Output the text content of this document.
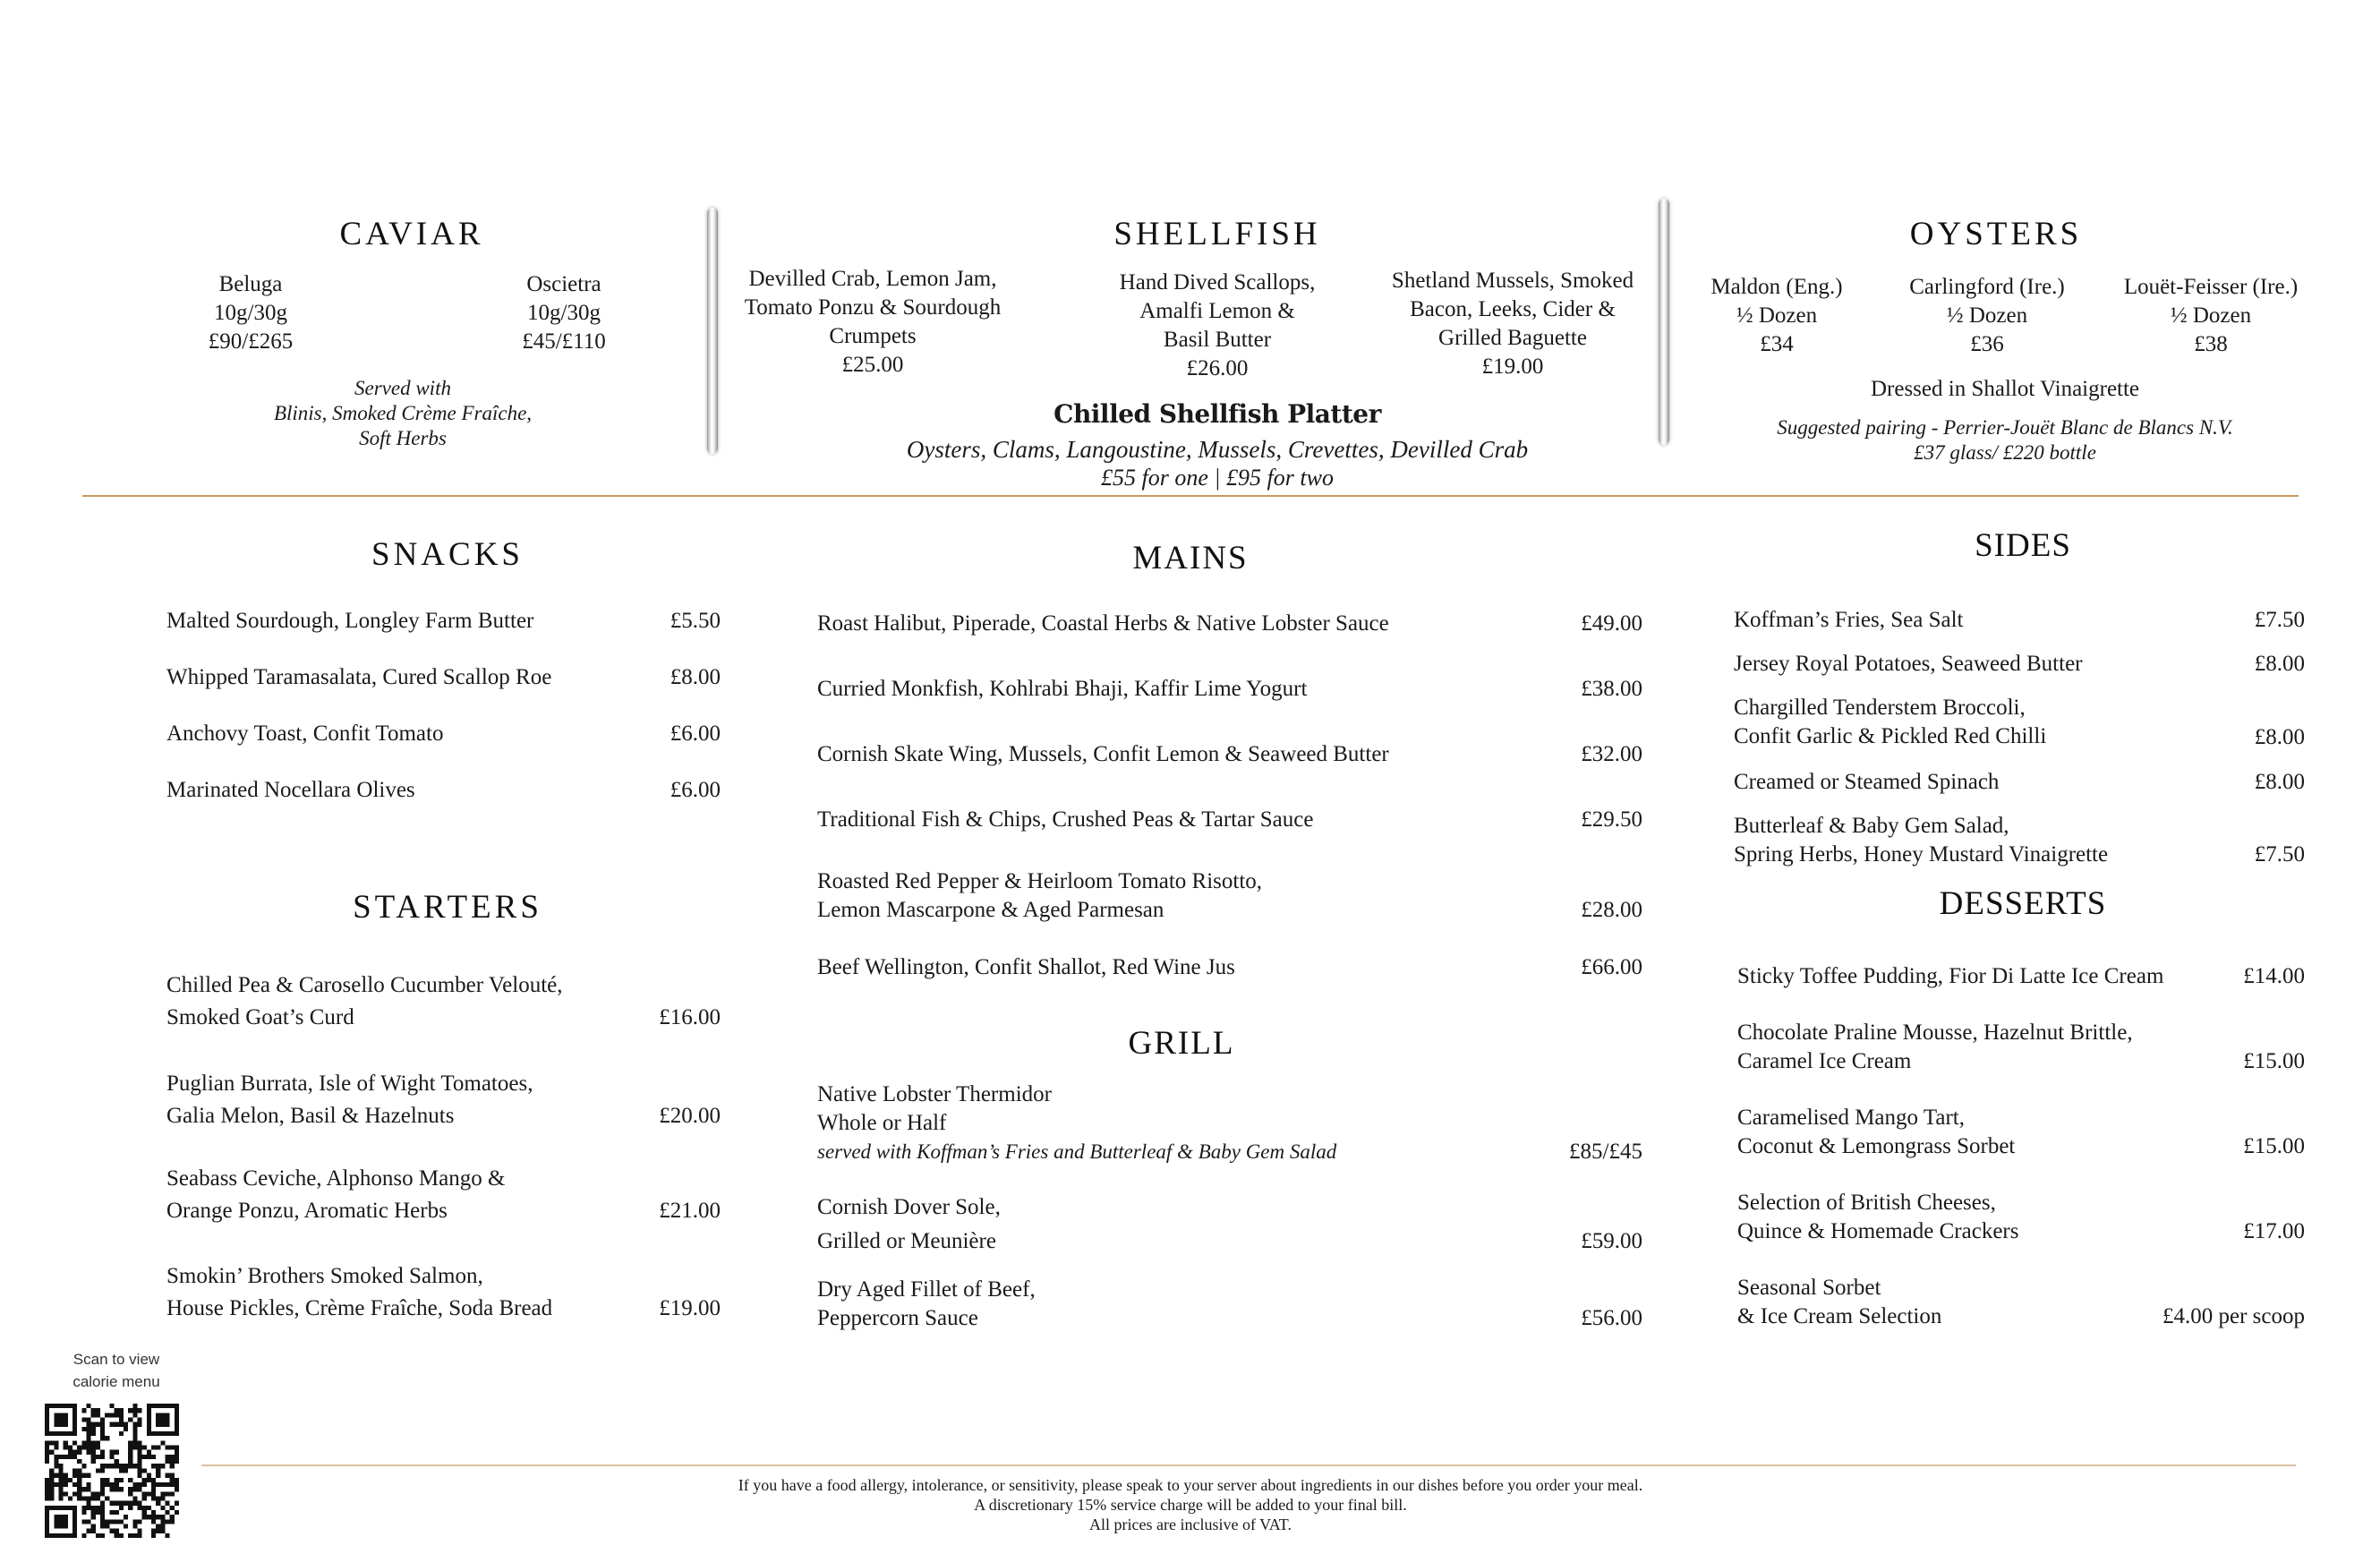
CAVIAR
Beluga
10g/30g
£90/£265
Oscietra
10g/30g
£45/£110
Served with
Blinis, Smoked Crème Fraîche,
Soft Herbs
SHELLFISH
Devilled Crab, Lemon Jam,
Tomato Ponzu & Sourdough
Crumpets
£25.00
Hand Dived Scallops,
Amalfi Lemon &
Basil Butter
£26.00
Shetland Mussels, Smoked
Bacon, Leeks, Cider &
Grilled Baguette
£19.00
Chilled Shellfish Platter
Oysters, Clams, Langoustine, Mussels, Crevettes, Devilled Crab
£55 for one | £95 for two
OYSTERS
Maldon (Eng.)
½ Dozen
£34
Carlingford (Ire.)
½ Dozen
£36
Louët-Feisser (Ire.)
½ Dozen
£38
Dressed in Shallot Vinaigrette
Suggested pairing - Perrier-Jouët Blanc de Blancs N.V.
£37 glass/ £220 bottle
SNACKS
Malted Sourdough, Longley Farm Butter	£5.50
Whipped Taramasalata, Cured Scallop Roe	£8.00
Anchovy Toast, Confit Tomato	£6.00
Marinated Nocellara Olives	£6.00
STARTERS
Chilled Pea & Carosello Cucumber Velouté,
Smoked Goat’s Curd	£16.00
Puglian Burrata, Isle of Wight Tomatoes,
Galia Melon, Basil & Hazelnuts	£20.00
Seabass Ceviche, Alphonso Mango &
Orange Ponzu, Aromatic Herbs	£21.00
Smokin’ Brothers Smoked Salmon,
House Pickles, Crème Fraîche, Soda Bread	£19.00
MAINS
Roast Halibut, Piperade, Coastal Herbs & Native Lobster Sauce	£49.00
Curried Monkfish, Kohlrabi Bhaji, Kaffir Lime Yogurt	£38.00
Cornish Skate Wing, Mussels, Confit Lemon & Seaweed Butter	£32.00
Traditional Fish & Chips, Crushed Peas & Tartar Sauce	£29.50
Roasted Red Pepper & Heirloom Tomato Risotto,
Lemon Mascarpone & Aged Parmesan	£28.00
Beef Wellington, Confit Shallot, Red Wine Jus	£66.00
GRILL
Native Lobster Thermidor
Whole or Half
served with Koffman’s Fries and Butterleaf & Baby Gem Salad	£85/£45
Cornish Dover Sole,
Grilled or Meunière	£59.00
Dry Aged Fillet of Beef,
Peppercorn Sauce	£56.00
SIDES
Koffman’s Fries, Sea Salt	£7.50
Jersey Royal Potatoes, Seaweed Butter	£8.00
Chargilled Tenderstem Broccoli,
Confit Garlic & Pickled Red Chilli	£8.00
Creamed or Steamed Spinach	£8.00
Butterleaf & Baby Gem Salad,
Spring Herbs, Honey Mustard Vinaigrette	£7.50
DESSERTS
Sticky Toffee Pudding, Fior Di Latte Ice Cream	£14.00
Chocolate Praline Mousse, Hazelnut Brittle,
Caramel Ice Cream	£15.00
Caramelised Mango Tart,
Coconut & Lemongrass Sorbet	£15.00
Selection of British Cheeses,
Quince & Homemade Crackers	£17.00
Seasonal Sorbet
& Ice Cream Selection	£4.00 per scoop
Scan to view
calorie menu
If you have a food allergy, intolerance, or sensitivity, please speak to your server about ingredients in our dishes before you order your meal.
A discretionary 15% service charge will be added to your final bill.
All prices are inclusive of VAT.
